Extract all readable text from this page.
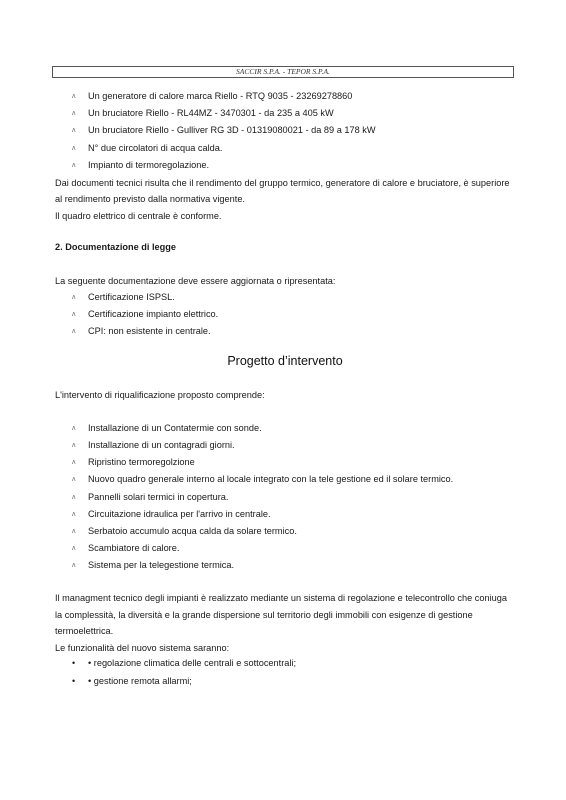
SACCIR S.P.A. - TEPOR S.P.A.
ᴧ	Un generatore di calore marca Riello - RTQ 9035 - 23269278860
ᴧ	Un bruciatore Riello - RL44MZ - 3470301 - da 235 a 405 kW
ᴧ	Un bruciatore Riello - Gulliver RG 3D - 01319080021 - da 89 a 178 kW
ᴧ	N° due circolatori di acqua calda.
ᴧ	Impianto di termoregolazione.

Dai documenti tecnici risulta che il rendimento del gruppo termico, generatore di calore e bruciatore, è superiore al rendimento previsto dalla normativa vigente.

Il quadro elettrico di centrale è conforme.

2. Documentazione di legge

La seguente documentazione deve essere aggiornata o ripresentata:

ᴧ	Certificazione ISPSL.
ᴧ	Certificazione impianto elettrico.
ᴧ	CPI: non esistente in centrale.

Progetto d’intervento

L'intervento di riqualificazione proposto comprende:

ᴧ	Installazione di un Contatermie con sonde.
ᴧ	Installazione di un contagradi giorni.
ᴧ	Ripristino termoregolzione
ᴧ	Nuovo quadro generale interno al locale integrato con la tele gestione ed il solare termico.
ᴧ	Pannelli solari termici in copertura.
ᴧ	Circuitazione idraulica per l'arrivo in centrale.
ᴧ	Serbatoio accumulo acqua calda da solare termico.
ᴧ	Scambiatore di calore.
ᴧ	Sistema per la telegestione termica.

Il managment tecnico degli impianti è realizzato mediante un sistema di regolazione e telecontrollo che coniuga la complessità, la diversità e la grande dispersione sul territorio degli immobili con esigenze di gestione termoelettrica.

Le funzionalità del nuovo sistema saranno:

•	• regolazione climatica delle centrali e sottocentrali;
•	• gestione remota allarmi;
